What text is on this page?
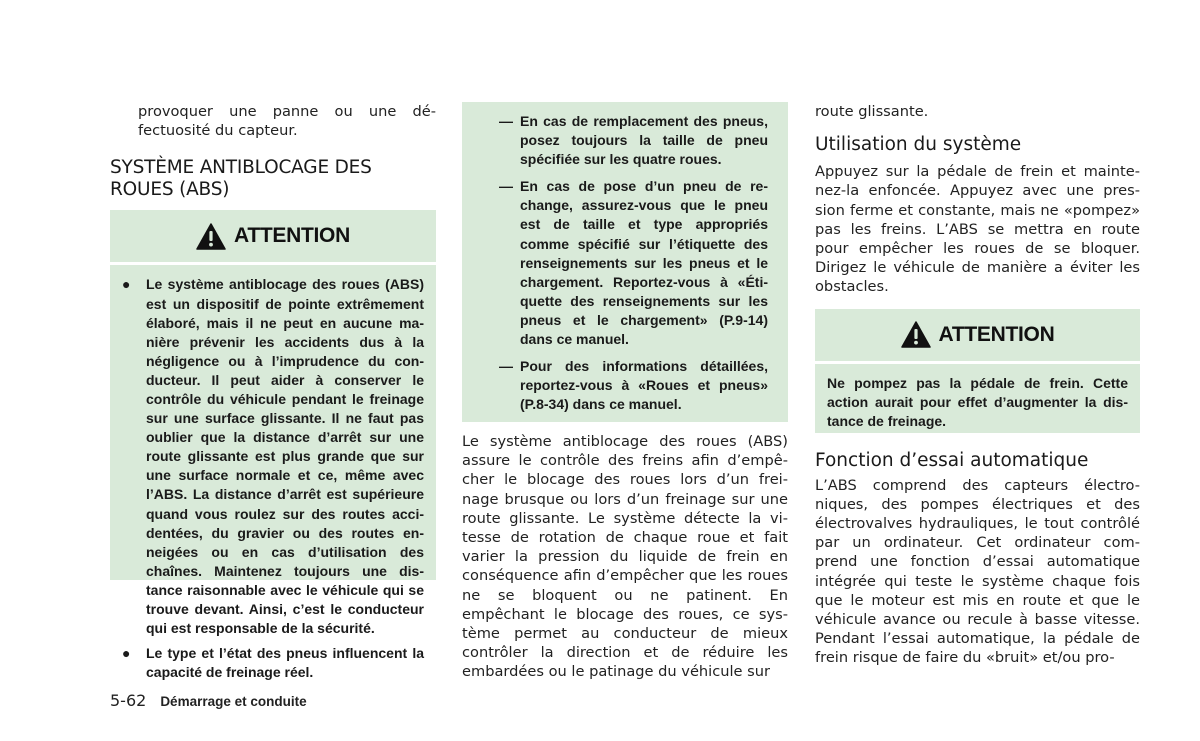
provoquer une panne ou une dé-fectuosité du capteur.

SYSTÈME ANTIBLOCAGE DES ROUES (ABS)
ATTENTION
● Le système antiblocage des roues (ABS) est un dispositif de pointe extrêmement élaboré, mais il ne peut en aucune ma-nière prévenir les accidents dus à la négligence ou à l’imprudence du con-ducteur. Il peut aider à conserver le contrôle du véhicule pendant le freinage sur une surface glissante. Il ne faut pas oublier que la distance d’arrêt sur une route glissante est plus grande que sur une surface normale et ce, même avec l’ABS. La distance d’arrêt est supérieure quand vous roulez sur des routes acci-dentées, du gravier ou des routes en-neigées ou en cas d’utilisation des chaînes. Maintenez toujours une dis-tance raisonnable avec le véhicule qui se trouve devant. Ainsi, c’est le conducteur qui est responsable de la sécurité.
● Le type et l’état des pneus influencent la capacité de freinage réel.
— En cas de remplacement des pneus, posez toujours la taille de pneu spécifiée sur les quatre roues.
— En cas de pose d’un pneu de re-change, assurez-vous que le pneu est de taille et type appropriés comme spécifié sur l’étiquette des renseignements sur les pneus et le chargement. Reportez-vous à «Éti-quette des renseignements sur les pneus et le chargement» (P.9-14) dans ce manuel.
— Pour des informations détaillées, reportez-vous à «Roues et pneus» (P.8-34) dans ce manuel.

Le système antiblocage des roues (ABS) assure le contrôle des freins afin d’empê-cher le blocage des roues lors d’un frei-nage brusque ou lors d’un freinage sur une route glissante. Le système détecte la vi-tesse de rotation de chaque roue et fait varier la pression du liquide de frein en conséquence afin d’empêcher que les roues ne se bloquent ou ne patinent. En empêchant le blocage des roues, ce sys-tème permet au conducteur de mieux contrôler la direction et de réduire les embardées ou le patinage du véhicule sur

route glissante.

Utilisation du système

Appuyez sur la pédale de frein et mainte-nez-la enfoncée. Appuyez avec une pres-sion ferme et constante, mais ne «pompez» pas les freins. L’ABS se mettra en route pour empêcher les roues de se bloquer. Dirigez le véhicule de manière a éviter les obstacles.

ATTENTION

Ne pompez pas la pédale de frein. Cette action aurait pour effet d’augmenter la dis-tance de freinage.

Fonction d’essai automatique

L’ABS comprend des capteurs électro-niques, des pompes électriques et des électrovalves hydrauliques, le tout contrôlé par un ordinateur. Cet ordinateur com-prend une fonction d’essai automatique intégrée qui teste le système chaque fois que le moteur est mis en route et que le véhicule avance ou recule à basse vitesse. Pendant l’essai automatique, la pédale de frein risque de faire du «bruit» et/ou pro-

5-62 Démarrage et conduite
